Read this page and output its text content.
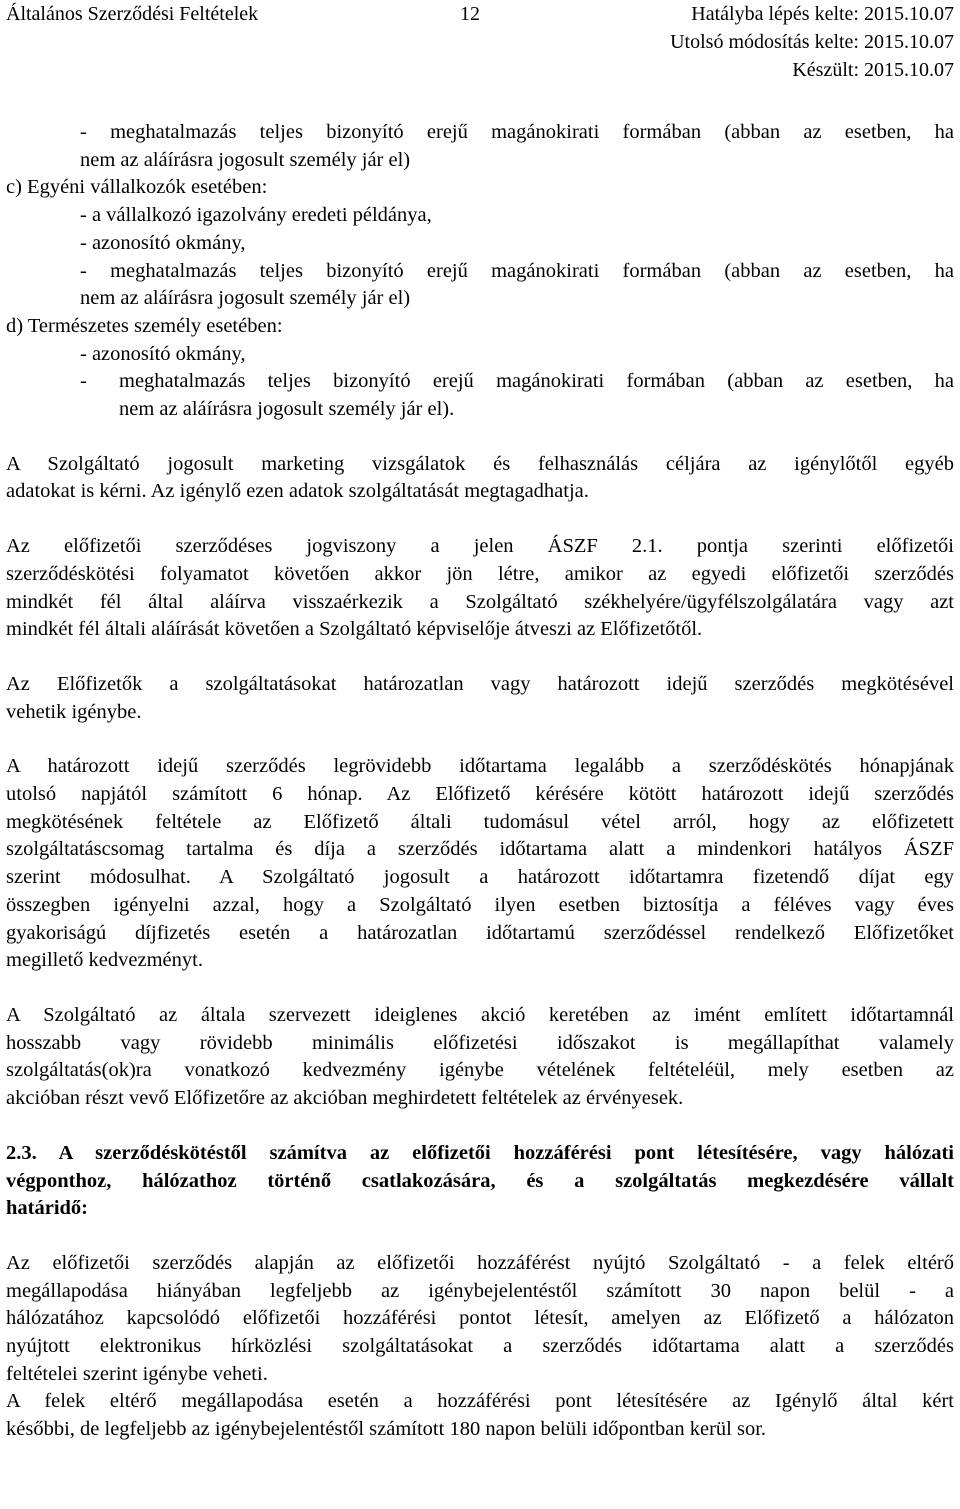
Általános Szerződési Feltételek	12	Hatályba lépés kelte: 2015.10.07
Utolsó módosítás kelte: 2015.10.07
Készült: 2015.10.07
- meghatalmazás teljes bizonyító erejű magánokirati formában (abban az esetben, ha
nem az aláírásra jogosult személy jár el)
c) Egyéni vállalkozók esetében:
- a vállalkozó igazolvány eredeti példánya,
- azonosító okmány,
- meghatalmazás teljes bizonyító erejű magánokirati formában (abban az esetben, ha
nem az aláírásra jogosult személy jár el)
d) Természetes személy esetében:
- azonosító okmány,
-	meghatalmazás teljes bizonyító erejű magánokirati formában (abban az esetben, ha
nem az aláírásra jogosult személy jár el).
A Szolgáltató jogosult marketing vizsgálatok és felhasználás céljára az igénylőtől egyéb
adatokat is kérni. Az igénylő ezen adatok szolgáltatását megtagadhatja.
Az előfizetői szerződéses jogviszony a jelen ÁSZF 2.1. pontja szerinti előfizetői
szerződéskötési folyamatot követően akkor jön létre, amikor az egyedi előfizetői szerződés
mindkét fél által aláírva visszaérkezik a Szolgáltató székhelyére/ügyfélszolgálatára vagy azt
mindkét fél általi aláírását követően a Szolgáltató képviselője átveszi az Előfizetőtől.
Az Előfizetők a szolgáltatásokat határozatlan vagy határozott idejű szerződés megkötésével
vehetik igénybe.
A határozott idejű szerződés legrövidebb időtartama legalább a szerződéskötés hónapjának
utolsó napjától számított 6 hónap. Az Előfizető kérésére kötött határozott idejű szerződés
megkötésének feltétele az Előfizető általi tudomásul vétel arról, hogy az előfizetett
szolgáltatáscsomag tartalma és díja a szerződés időtartama alatt a mindenkori hatályos ÁSZF
szerint módosulhat. A Szolgáltató jogosult a határozott időtartamra fizetendő díjat egy
összegben igényelni azzal, hogy a Szolgáltató ilyen esetben biztosítja a féléves vagy éves
gyakoriságú díjfizetés esetén a határozatlan időtartamú szerződéssel rendelkező Előfizetőket
megillető kedvezményt.
A Szolgáltató az általa szervezett ideiglenes akció keretében az imént említett időtartamnál
hosszabb vagy rövidebb minimális előfizetési időszakot is megállapíthat valamely
szolgáltatás(ok)ra vonatkozó kedvezmény igénybe vételének feltételéül, mely esetben az
akcióban részt vevő Előfizetőre az akcióban meghirdetett feltételek az érvényesek.
2.3. A szerződéskötéstől számítva az előfizetői hozzáférési pont létesítésére, vagy hálózati
végponthoz, hálózathoz történő csatlakozására, és a szolgáltatás megkezdésére vállalt
határidő:
Az előfizetői szerződés alapján az előfizetői hozzáférést nyújtó Szolgáltató - a felek eltérő
megállapodása hiányában legfeljebb az igénybejelentéstől számított 30 napon belül - a
hálózatához kapcsolódó előfizetői hozzáférési pontot létesít, amelyen az Előfizető a hálózaton
nyújtott elektronikus hírközlési szolgáltatásokat a szerződés időtartama alatt a szerződés
feltételei szerint igénybe veheti.
A felek eltérő megállapodása esetén a hozzáférési pont létesítésére az Igénylő által kért
későbbi, de legfeljebb az igénybejelentéstől számított 180 napon belüli időpontban kerül sor.
